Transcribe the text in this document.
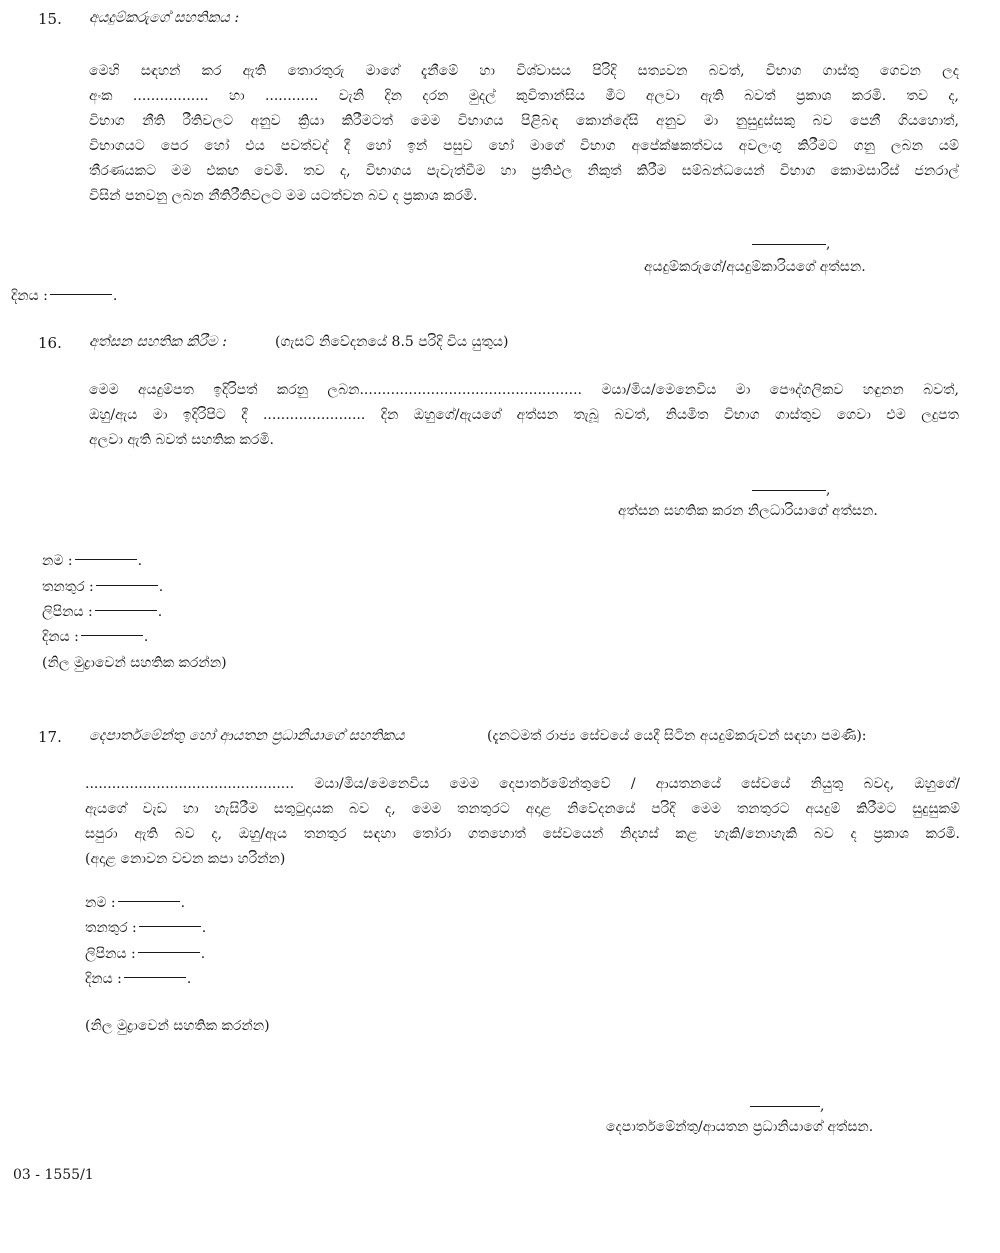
15. අයදුම්කරුගේ සහතිකය :
මෙහි සඳහන් කර ඇති තොරතුරු මාගේ දැනීමේ හා විශ්වාසය පිරිදි සත්‍යවන බවත්, විභාග ගාස්තු ගෙවන ලද
අංක ................. හා ............ වැනි දින දරන මුදල් කුවිතාන්සිය මීට අලවා ඇති බවත් ප්‍රකාශ කරමි. තව ද,
විභාග නීති රීතිවලට අනුව ක්‍රියා කිරීමටත් මෙම විභාගය පිළිබඳ කොන්දේසි අනුව මා නුසුදුස්සකු බව පෙනී ගියහොත්,
විභාගයට පෙර හෝ එය පවත්වද් දී හෝ ඉන් පසුව හෝ මාගේ විභාග අපේක්ෂකත්වය අවලංගු කිරීමට ගනු ලබන යම්
තීරණයකට මම එකඟ වෙමි. තව ද, විභාගය පැවැත්වීම හා ප්‍රතිඵල නිකුත් කිරීම සම්බන්ධයෙන් විභාග කොමසාරිස් ජනරාල්
විසින් පනවනු ලබන නීතිරීතිවලට මම යටත්වන බව ද ප්‍රකාශ කරමි.
,
අයදුම්කරුගේ/අයදුම්කාරියගේ අත්සන.
දිනය :	.
16. අත්සන සහතික කිරීම :	(ගැසට් නිවේදනයේ 8.5 පරිදි විය යුතුය)
මෙම අයදුම්පත ඉදිරිපත් කරනු ලබන.................................................. මයා/මිය/මෙනෙවිය මා පෞද්ගලිකව හඳුනන බවත්,
ඔහු/ඇය මා ඉදිරිපිට දී ....................... දින ඔහුගේ/ඇයගේ අත්සන තැබූ බවත්, නියමිත විභාග ගාස්තුව ගෙවා එම ලදුපත
අලවා ඇති බවත් සහතික කරමි.
,
අත්සන සහතික කරන නිලධාරියාගේ අත්සන.
නම :	.
තනතුර :	.
ලිපිනය :	.
දිනය :	.
(නිල මුද්‍රාවෙන් සහතික කරන්න)
17. දෙපාර්තමේන්තු හෝ ආයතන ප්‍රධානියාගේ සහතිකය	(දැනටමත් රාජ්‍ය සේවයේ යෙදී සිටින අයදුම්කරුවන් සඳහා පමණි):
............................................... මයා/මිය/මෙනෙවිය මෙම දෙපාර්තමේන්තුවේ / ආයතනයේ සේවයේ නියුතු බවද, ඔහුගේ/
ඇයගේ වැඩ හා හැසිරීම සතුටුදායක බව ද, මෙම තනතුරට අදාළ නිවේදනයේ පරිදි මෙම තනතුරට අයදුම් කිරීමට සුදුසුකම්
සපුරා ඇති බව ද, ඔහු/ඇය තනතුර සඳහා තෝරා ගතහොත් සේවයෙන් නිදහස් කළ හැකි/නොහැකි බව ද ප්‍රකාශ කරමි.
(අදාළ නොවන වචන කපා හරින්න)
නම :	.
තනතුර :	.
ලිපිනය :	.
දිනය :	.
(නිල මුද්‍රාවෙන් සහතික කරන්න)
,
දෙපාර්තමේන්තු/ආයතන ප්‍රධානියාගේ අත්සන.
03 - 1555/1
